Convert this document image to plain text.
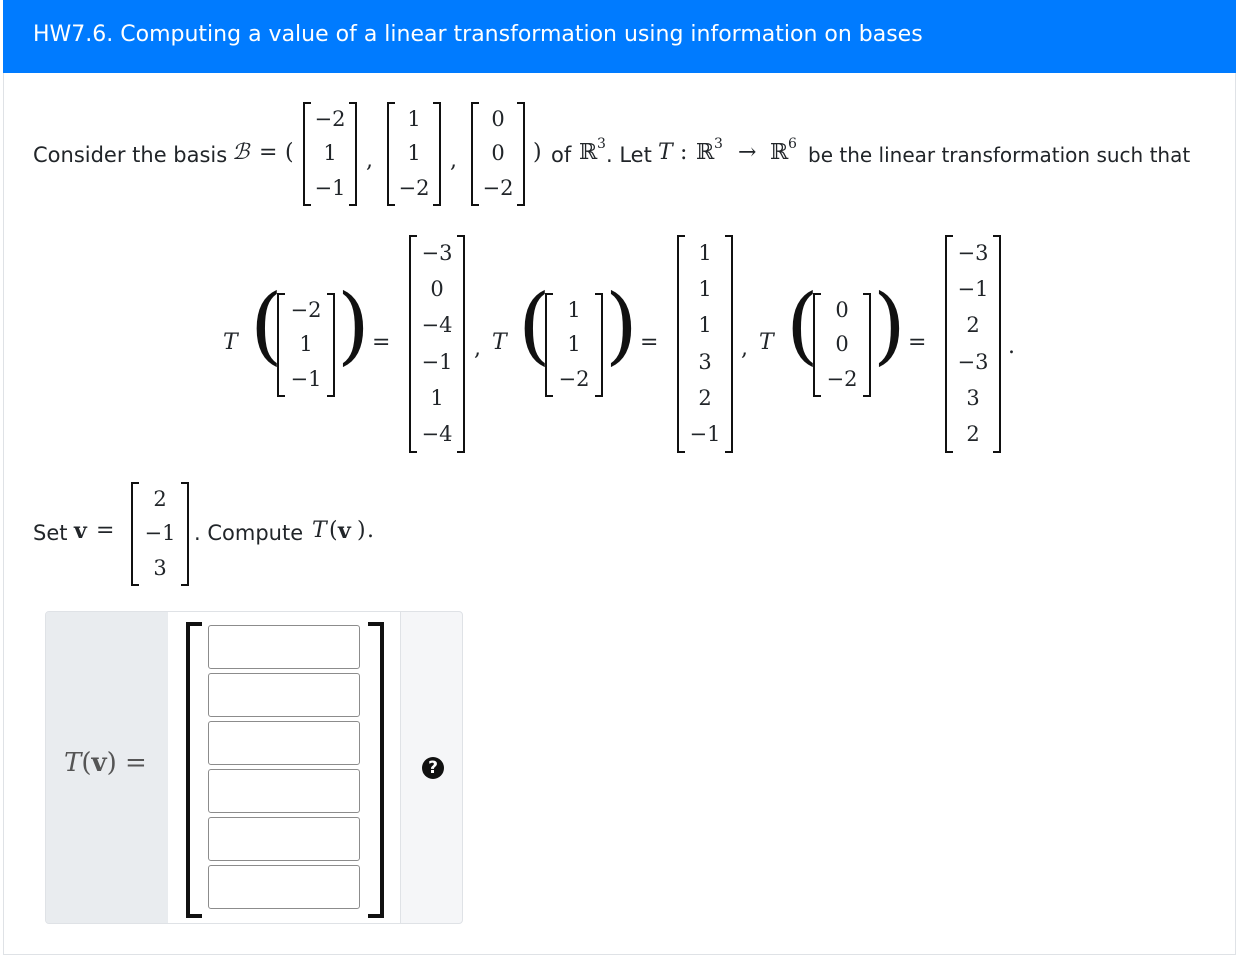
HW7.6. Computing a value of a linear transformation using information on bases
Consider the basis ℬ = (
−2
1
−1
,
1
1
−2
,
0
0
−2
) of ℝ 3 . Let T : ℝ 3 → ℝ 6 be the linear transformation such that
T ( −2
1
−1
) =
−3
0
−4
−1
1
−4
, T ( 1
1
−2
) =
1
1
1
3
2
−1
, T ( 0
0
−2
) =
−3
−1
2
−3
3
2
.
Set v =
2
−1
3
. Compute T ( v ) .
T(v) =	?
